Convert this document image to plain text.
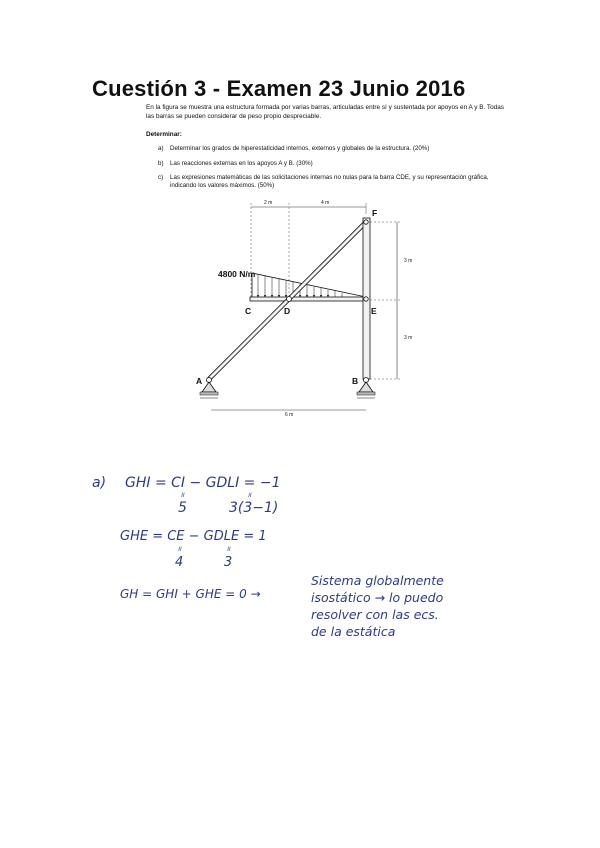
Cuestión 3 - Examen 23 Junio 2016
En la figura se muestra una estructura formada por varias barras, articuladas entre sí y sustentada por apoyos en A y B. Todas las barras se pueden considerar de peso propio despreciable.
Determinar:
a) Determinar los grados de hiperestaticidad internos, externos y globales de la estructura. (20%)
b) Las reacciones externas en los apoyos A y B. (30%)
c) Las expresiones matemáticas de las solicitaciones internas no nulas para la barra CDE, y su representación gráfica, indicando los valores máximos. (50%)
2 m	4 m
3 m
3 m
6 m
4800 N/m
F
C	D	E
A	B
a) GHI = CI − GDLI = −1
॥
5
॥
3(3−1)
GHE = CE − GDLE = 1
॥
4
॥
3
GH = GHI + GHE = 0 →
Sistema globalmente
isostático → lo puedo
resolver con las ecs.
de la estática
